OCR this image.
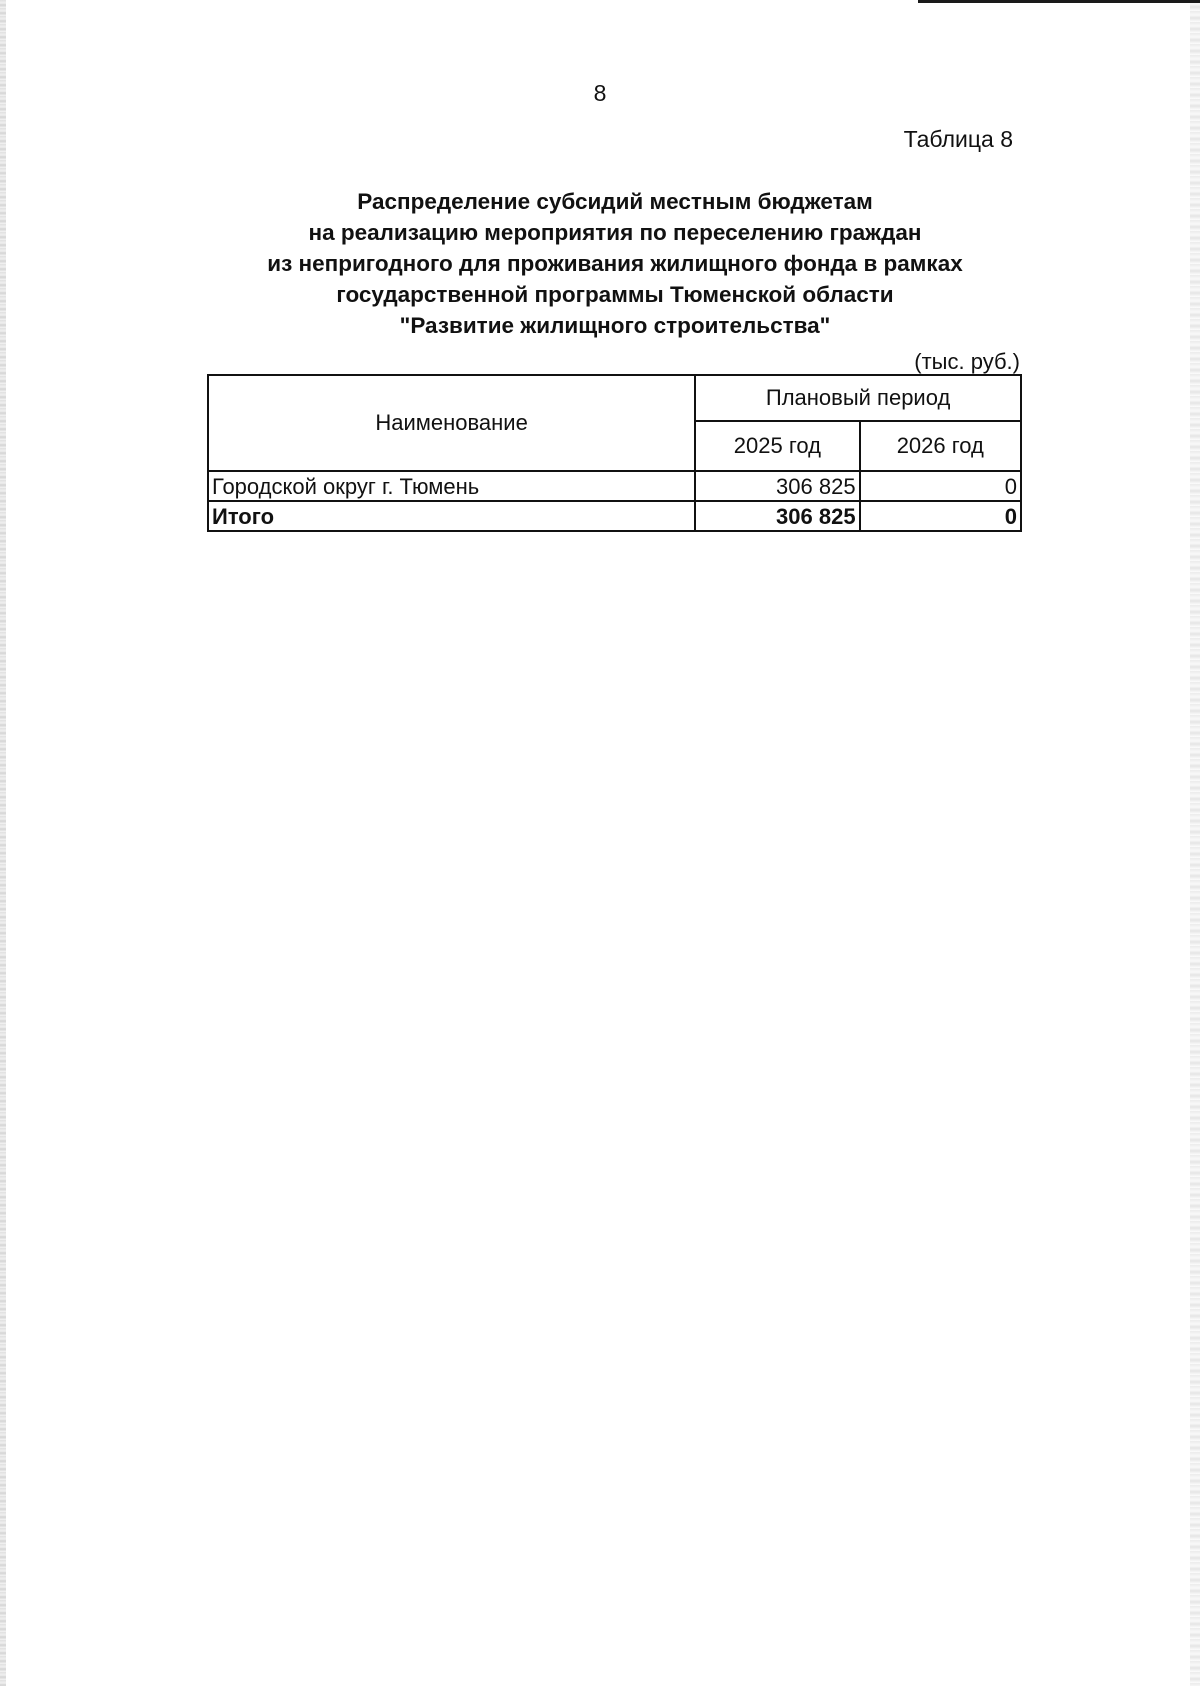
8
Таблица 8
Распределение субсидий местным бюджетам
на реализацию мероприятия по переселению граждан
из непригодного для проживания жилищного фонда в рамках
государственной программы Тюменской области
"Развитие жилищного строительства"
(тыс. руб.)
Наименование	Плановый период	
	2025 год	2026 год
Городской округ г. Тюмень	306 825	0
Итого	306 825	0
